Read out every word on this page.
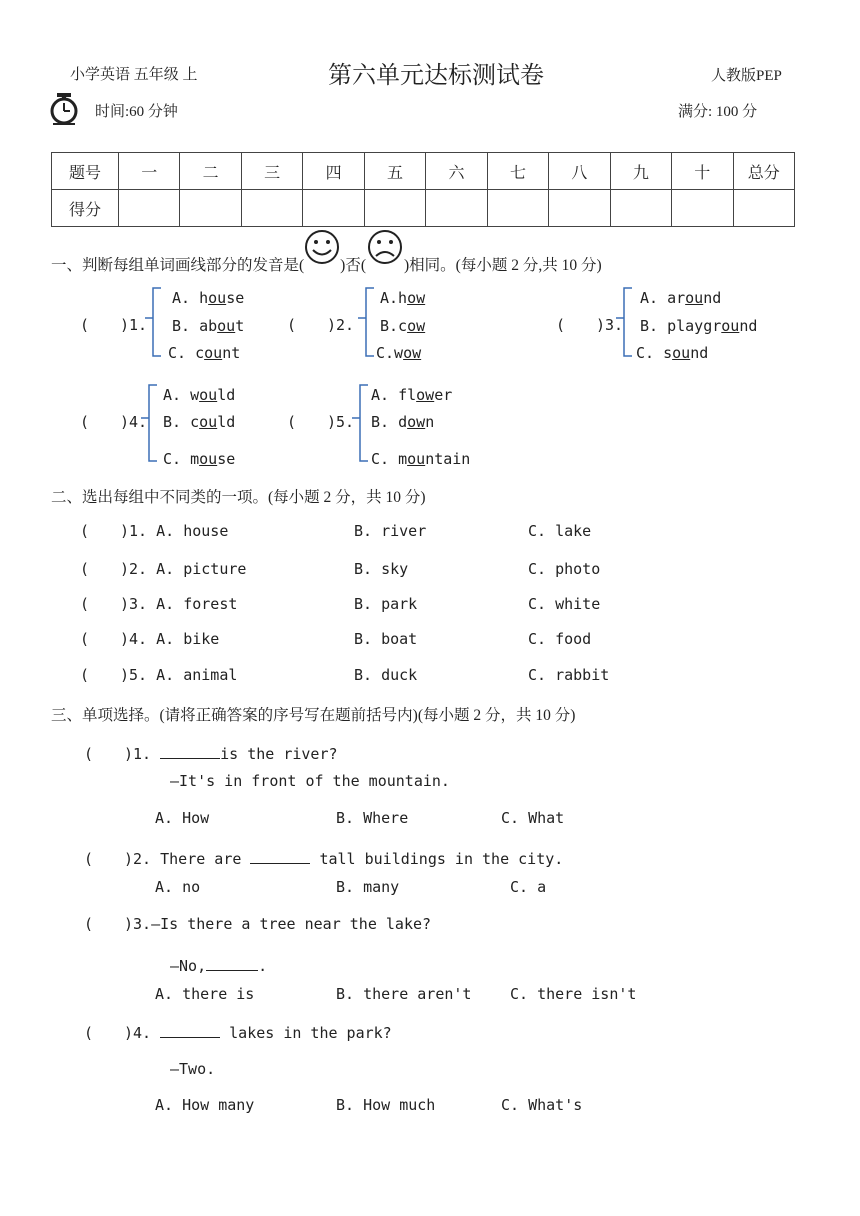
小学英语 五年级 上	第六单元达标测试卷	人教版PEP
时间:60 分钟	满分: 100 分
题号	一	二	三	四	五	六	七	八	九	十	总分
得分											
一、判断每组单词画线部分的发音是( )否( )相同。(每小题 2 分,共 10 分)
( )1.
A. house
B. about
C. count
( )2.
A.how
B.cow
C.wow
( )3.
A. around
B. playground
C. sound
( )4.
A. would
B. could
C. mouse
( )5.
A. flower
B. down
C. mountain
二、选出每组中不同类的一项。(每小题 2 分，共 10 分)
( )1. A. house	B. river	C. lake
( )2. A. picture	B. sky	C. photo
( )3. A. forest	B. park	C. white
( )4. A. bike	B. boat	C. food
( )5. A. animal	B. duck	C. rabbit
三、单项选择。(请将正确答案的序号写在题前括号内)(每小题 2 分，共 10 分)
( )1.	is the river?
—It's in front of the mountain.
A. How	B. Where	C. What
( )2. There are	tall buildings in the city.
A. no	B. many	C. a
( )3.—Is there a tree near the lake?
—No,	.
A. there is	B. there aren't	C. there isn't
( )4.	lakes in the park?
—Two.
A. How many	B. How much	C. What's
